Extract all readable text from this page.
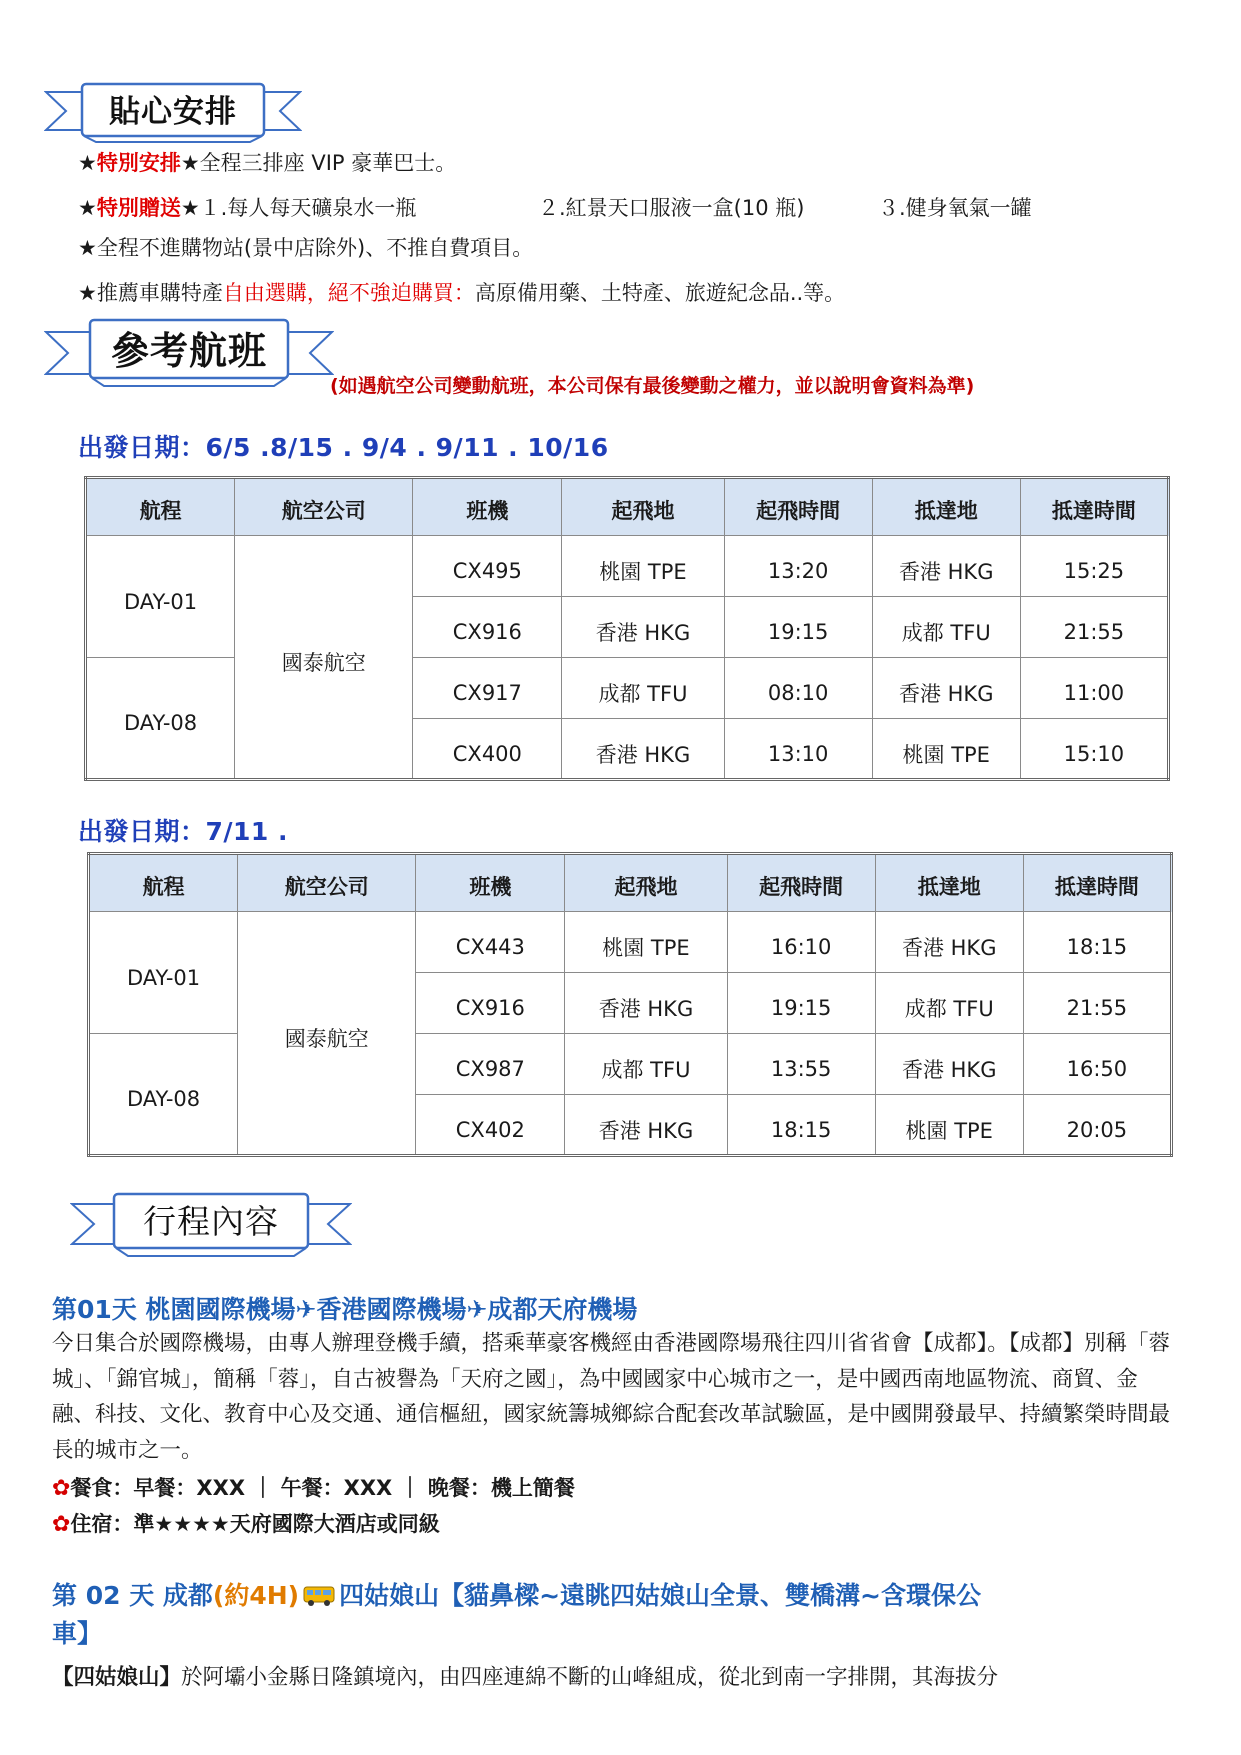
貼心安排
★特別安排★全程三排座 VIP 豪華巴士。
★特別贈送★１.每人每天礦泉水一瓶	２.紅景天口服液一盒(10 瓶)	３.健身氧氣一罐
★全程不進購物站(景中店除外)、不推自費項目。
★推薦車購特產自由選購，絕不強迫購買：高原備用藥、土特產、旅遊紀念品..等。
參考航班
(如遇航空公司變動航班，本公司保有最後變動之權力，並以說明會資料為準)
出發日期：6/5 .8/15 . 9/4 . 9/11 . 10/16
航程	航空公司	班機	起飛地	起飛時間	抵達地	抵達時間
DAY-01	國泰航空	CX495	桃園 TPE	13:20	香港 HKG	15:25
		CX916	香港 HKG	19:15	成都 TFU	21:55
DAY-08		CX917	成都 TFU	08:10	香港 HKG	11:00
		CX400	香港 HKG	13:10	桃園 TPE	15:10
出發日期：7/11 .
航程	航空公司	班機	起飛地	起飛時間	抵達地	抵達時間
DAY-01	國泰航空	CX443	桃園 TPE	16:10	香港 HKG	18:15
		CX916	香港 HKG	19:15	成都 TFU	21:55
DAY-08		CX987	成都 TFU	13:55	香港 HKG	16:50
		CX402	香港 HKG	18:15	桃園 TPE	20:05
行程內容
第01天 桃園國際機場✈香港國際機場✈成都天府機場
今日集合於國際機場，由專人辦理登機手續，搭乘華豪客機經由香港國際場飛往四川省省會【成都】。【成都】別稱「蓉城」、「錦官城」，簡稱「蓉」，自古被譽為「天府之國」，為中國國家中心城市之一，是中國西南地區物流、商貿、金融、科技、文化、教育中心及交通、通信樞紐，國家統籌城鄉綜合配套改革試驗區，是中國開發最早、持續繁榮時間最長的城市之一。
✿餐食：早餐：XXX ｜ 午餐：XXX ｜ 晚餐：機上簡餐
✿住宿：準★★★★天府國際大酒店或同級
第 02 天 成都(約4H) 四姑娘山【貓鼻樑~遠眺四姑娘山全景、雙橋溝~含環保公
車】
【四姑娘山】於阿壩小金縣日隆鎮境內，由四座連綿不斷的山峰組成，從北到南一字排開，其海拔分
